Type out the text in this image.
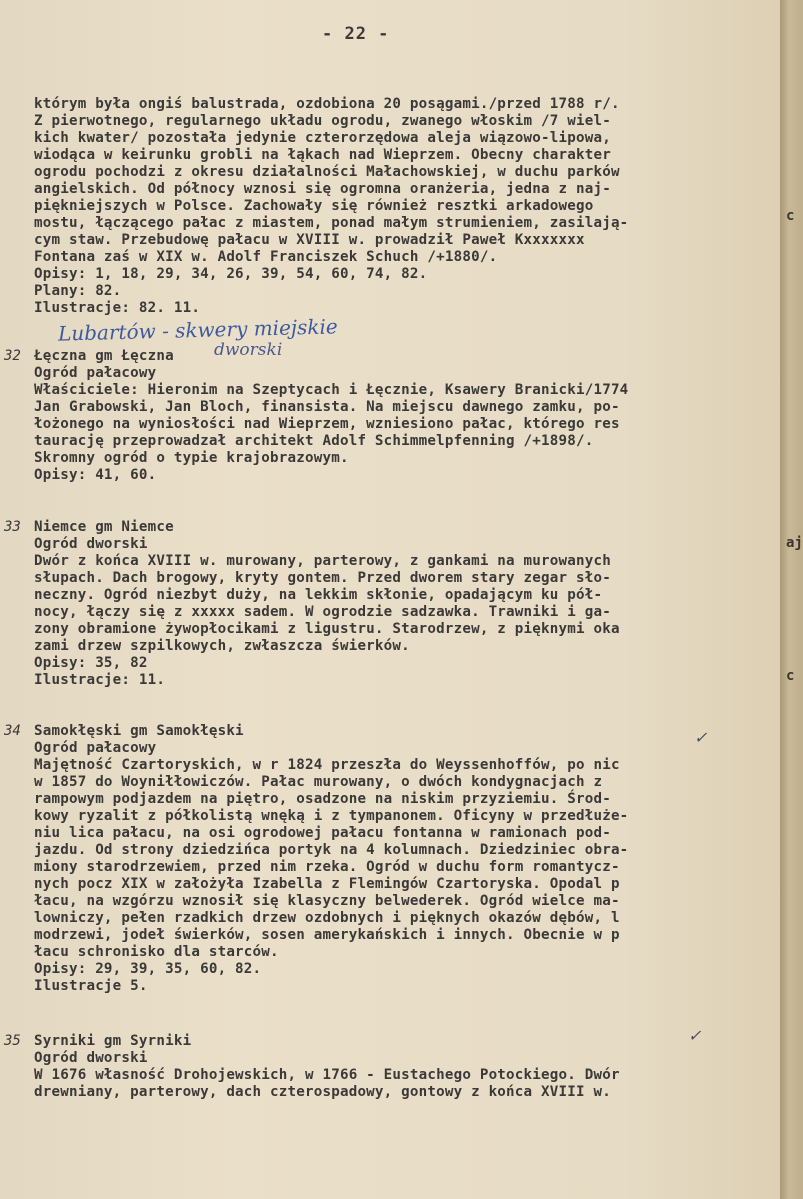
- 22 -
którym była ongiś balustrada, ozdobiona 20 posągami./przed 1788 r/.
Z pierwotnego, regularnego układu ogrodu, zwanego włoskim /7 wiel-
kich kwater/ pozostała jedynie czterorzędowa aleja wiązowo-lipowa,
wiodąca w keirunku grobli na łąkach nad Wieprzem. Obecny charakter
ogrodu pochodzi z okresu działalności Małachowskiej, w duchu parków
angielskich. Od północy wznosi się ogromna oranżeria, jedna z naj-
piękniejszych w Polsce. Zachowały się również resztki arkadowego
mostu, łączącego pałac z miastem, ponad małym strumieniem, zasilają-
cym staw. Przebudowę pałacu w XVIII w. prowadził Paweł Kxxxxxxx
Fontana zaś w XIX w. Adolf Franciszek Schuch /+1880/.
Opisy: 1, 18, 29, 34, 26, 39, 54, 60, 74, 82.
Plany: 82.
Ilustracje: 82. 11.
Lubartów - skwery miejskie
32	dworski
Łęczna gm Łęczna
Ogród pałacowy
Właściciele: Hieronim na Szeptycach i Łęcznie, Ksawery Branicki/1774
Jan Grabowski, Jan Bloch, finansista. Na miejscu dawnego zamku, po-
łożonego na wyniosłości nad Wieprzem, wzniesiono pałac, którego res
taurację przeprowadzał architekt Adolf Schimmelpfenning /+1898/.
Skromny ogród o typie krajobrazowym.
Opisy: 41, 60.
33 Niemce gm Niemce
Ogród dworski
Dwór z końca XVIII w. murowany, parterowy, z gankami na murowanych
słupach. Dach brogowy, kryty gontem. Przed dworem stary zegar sło-
neczny. Ogród niezbyt duży, na lekkim skłonie, opadającym ku pół-
nocy, łączy się z xxxxx sadem. W ogrodzie sadzawka. Trawniki i ga-
zony obramione żywopłocikami z ligustru. Starodrzew, z pięknymi oka
zami drzew szpilkowych, zwłaszcza świerków.
Opisy: 35, 82
Ilustracje: 11.
34	✓
Samokłęski gm Samokłęski
Ogród pałacowy
Majętność Czartoryskich, w r 1824 przeszła do Weyssenhoffów, po nic
w 1857 do Woyniłłowiczów. Pałac murowany, o dwóch kondygnacjach z
rampowym podjazdem na piętro, osadzone na niskim przyziemiu. Środ-
kowy ryzalit z półkolistą wnęką i z tympanonem. Oficyny w przedłuże-
niu lica pałacu, na osi ogrodowej pałacu fontanna w ramionach pod-
jazdu. Od strony dziedzińca portyk na 4 kolumnach. Dziedziniec obra-
miony starodrzewiem, przed nim rzeka. Ogród w duchu form romantycz-
nych pocz XIX w założyła Izabella z Flemingów Czartoryska. Opodal p
łacu, na wzgórzu wznosił się klasyczny belwederek. Ogród wielce ma-
lowniczy, pełen rzadkich drzew ozdobnych i pięknych okazów dębów, l
modrzewi, jodeł świerków, sosen amerykańskich i innych. Obecnie w p
łacu schronisko dla starców.
Opisy: 29, 39, 35, 60, 82.
Ilustracje 5.
35	✓
Syrniki gm Syrniki
Ogród dworski
W 1676 własność Drohojewskich, w 1766 - Eustachego Potockiego. Dwór
drewniany, parterowy, dach czterospadowy, gontowy z końca XVIII w.
c
aj
c
